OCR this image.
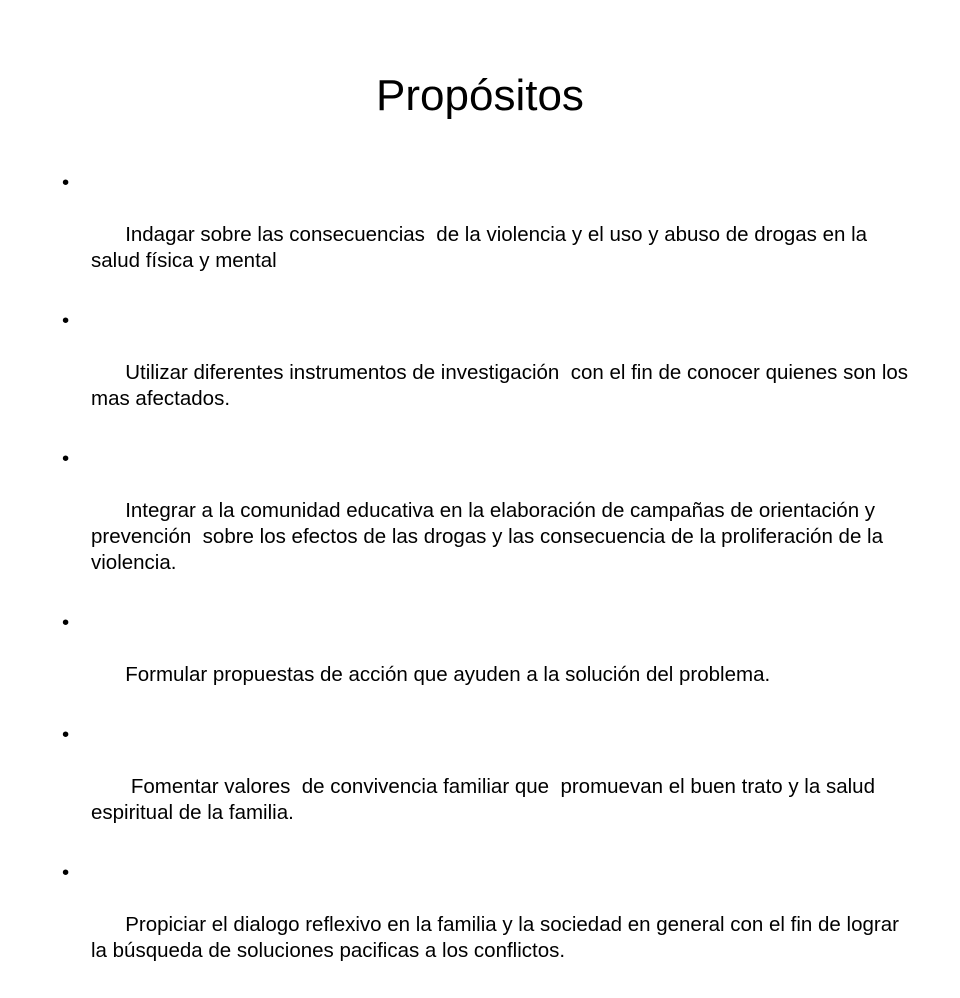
Propósitos

•

Indagar sobre las consecuencias  de la violencia y el uso y abuso de drogas en la salud física y mental

•

Utilizar diferentes instrumentos de investigación  con el fin de conocer quienes son los mas afectados.

•

Integrar a la comunidad educativa en la elaboración de campañas de orientación y prevención  sobre los efectos de las drogas y las consecuencia de la proliferación de la violencia.

•

Formular propuestas de acción que ayuden a la solución del problema.

•

Fomentar valores  de convivencia familiar que  promuevan el buen trato y la salud espiritual de la familia.

•

Propiciar el dialogo reflexivo en la familia y la sociedad en general con el fin de lograr la búsqueda de soluciones pacificas a los conflictos.
